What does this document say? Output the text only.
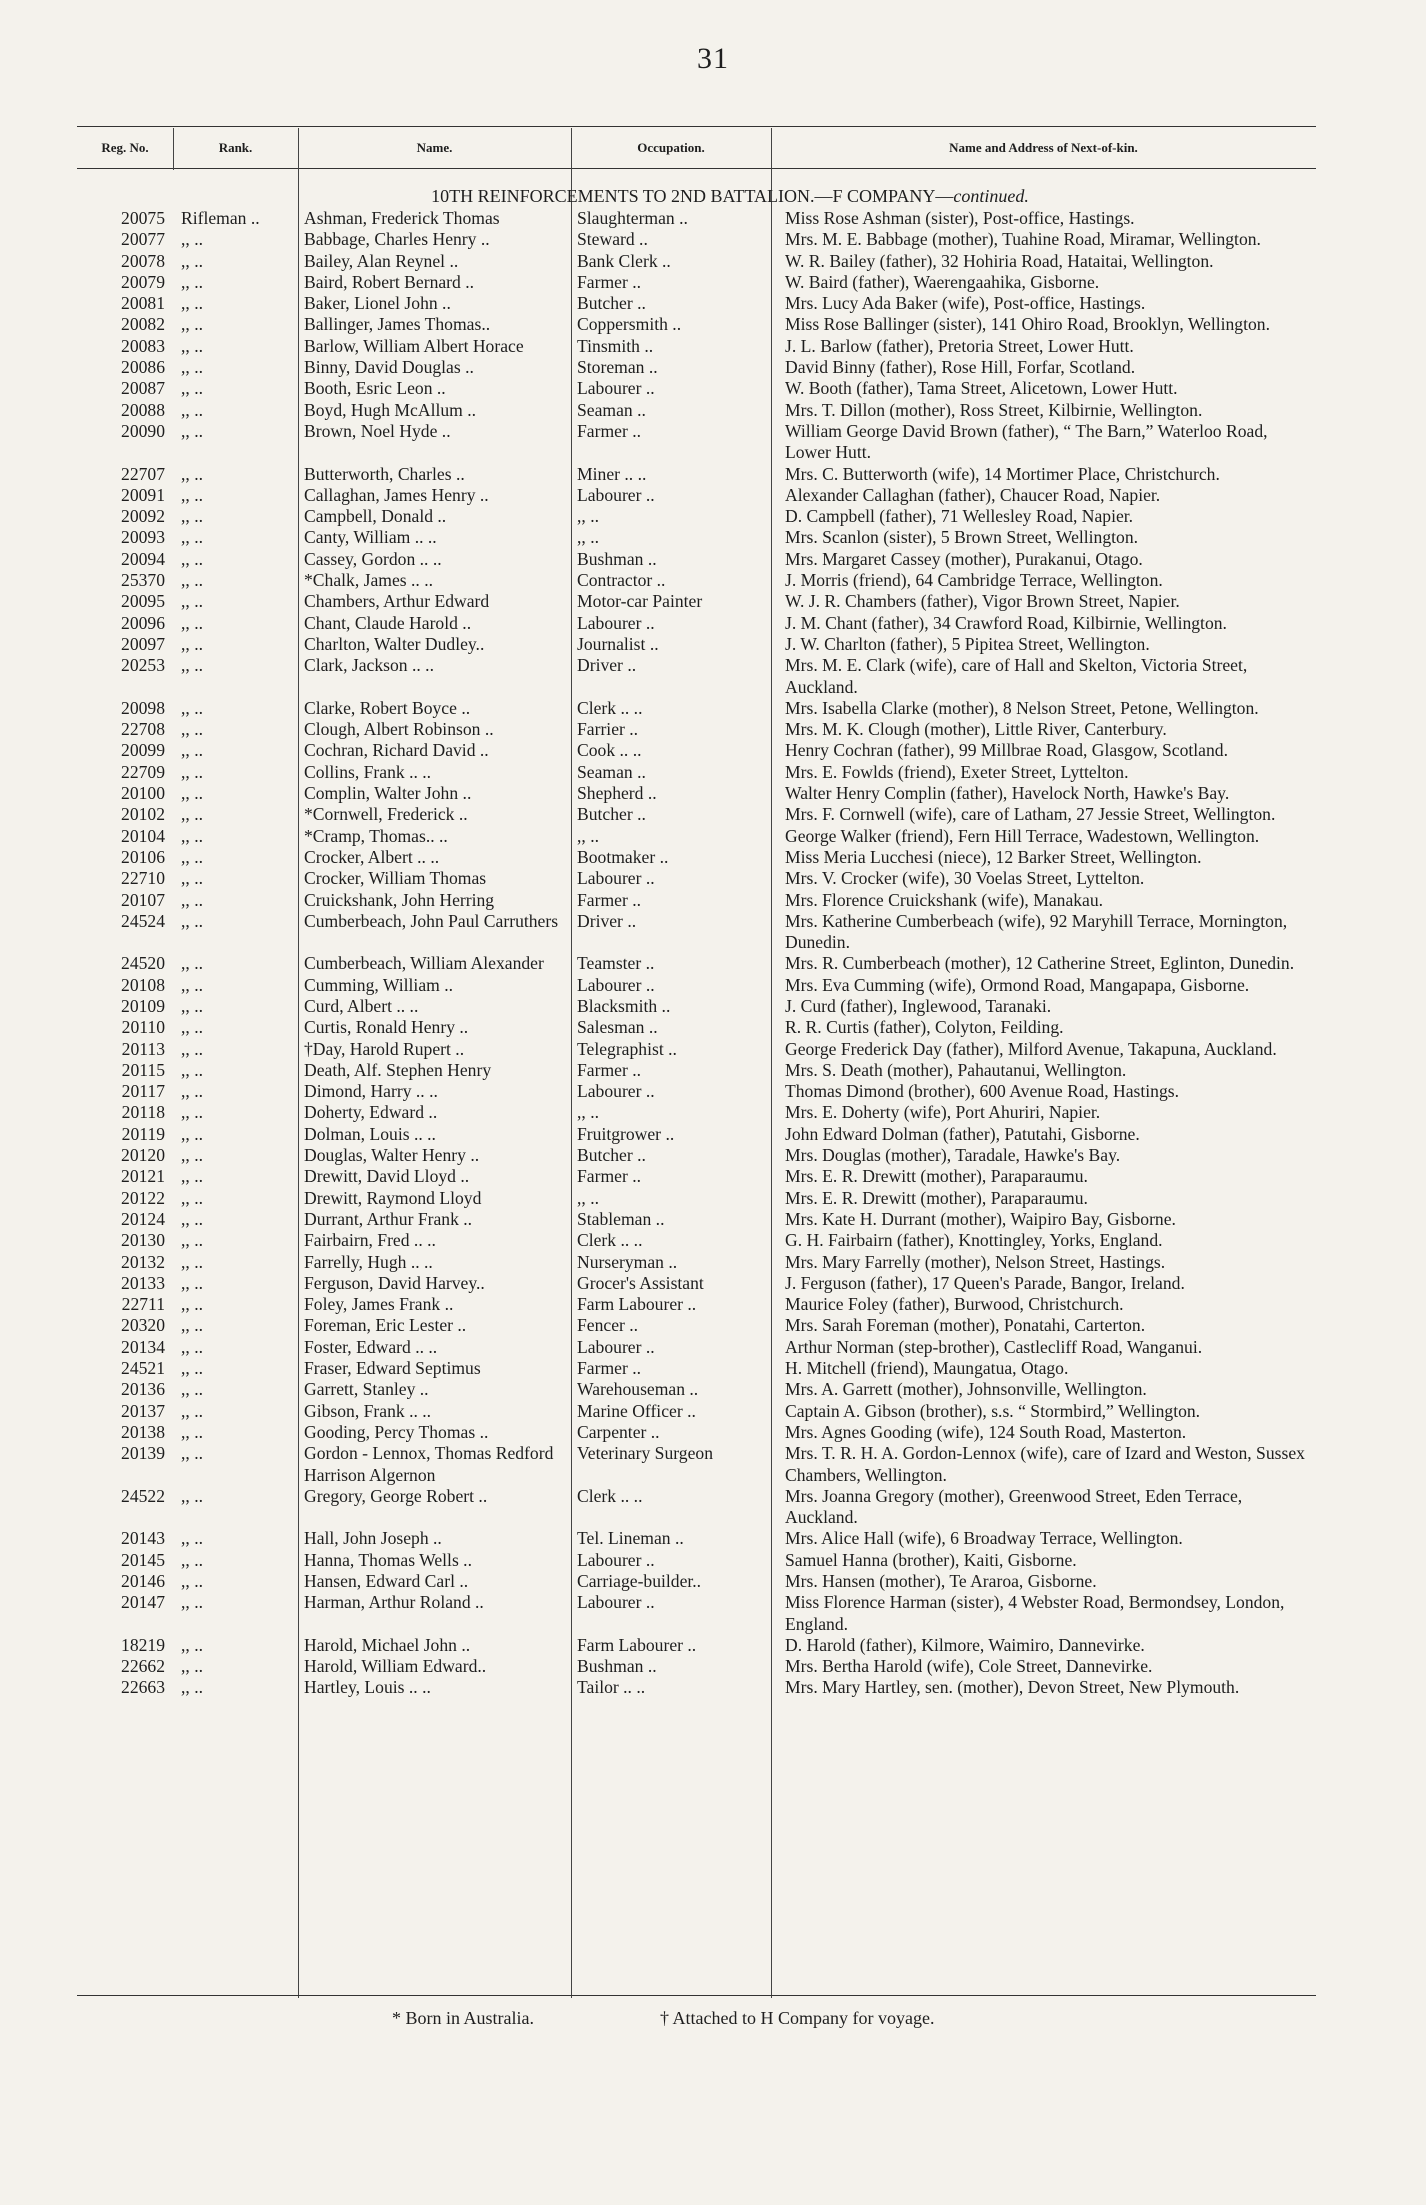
31
Reg. No.	Rank.	Name.	Occupation.	Name and Address of Next-of-kin.
10TH REINFORCEMENTS TO 2ND BATTALION.—F COMPANY—continued.
20075 Rifleman ..	Ashman, Frederick Thomas	Slaughterman ..	Miss Rose Ashman (sister), Post-office, Hastings.
20077 ,, ..	Babbage, Charles Henry ..	Steward ..	Mrs. M. E. Babbage (mother), Tuahine Road, Miramar, Wellington.
20078 ,, ..	Bailey, Alan Reynel ..	Bank Clerk ..	W. R. Bailey (father), 32 Hohiria Road, Hataitai, Wellington.
20079 ,, ..	Baird, Robert Bernard ..	Farmer ..	W. Baird (father), Waerengaahika, Gisborne.
20081 ,, ..	Baker, Lionel John ..	Butcher ..	Mrs. Lucy Ada Baker (wife), Post-office, Hastings.
20082 ,, ..	Ballinger, James Thomas..	Coppersmith ..	Miss Rose Ballinger (sister), 141 Ohiro Road, Brooklyn, Wellington.
20083 ,, ..	Barlow, William Albert Horace	Tinsmith ..	J. L. Barlow (father), Pretoria Street, Lower Hutt.
20086 ,, ..	Binny, David Douglas ..	Storeman ..	David Binny (father), Rose Hill, Forfar, Scotland.
20087 ,, ..	Booth, Esric Leon ..	Labourer ..	W. Booth (father), Tama Street, Alicetown, Lower Hutt.
20088 ,, ..	Boyd, Hugh McAllum ..	Seaman ..	Mrs. T. Dillon (mother), Ross Street, Kilbirnie, Wellington.
20090 ,, ..	Brown, Noel Hyde ..	Farmer ..	William George David Brown (father), “ The Barn,” Waterloo Road, Lower Hutt.
22707 ,, ..	Butterworth, Charles ..	Miner .. ..	Mrs. C. Butterworth (wife), 14 Mortimer Place, Christchurch.
20091 ,, ..	Callaghan, James Henry ..	Labourer ..	Alexander Callaghan (father), Chaucer Road, Napier.
20092 ,, ..	Campbell, Donald ..	,, ..	D. Campbell (father), 71 Wellesley Road, Napier.
20093 ,, ..	Canty, William .. ..	,, ..	Mrs. Scanlon (sister), 5 Brown Street, Wellington.
20094 ,, ..	Cassey, Gordon .. ..	Bushman ..	Mrs. Margaret Cassey (mother), Purakanui, Otago.
25370 ,, ..	*Chalk, James .. ..	Contractor ..	J. Morris (friend), 64 Cambridge Terrace, Wellington.
20095 ,, ..	Chambers, Arthur Edward	Motor-car Painter	W. J. R. Chambers (father), Vigor Brown Street, Napier.
20096 ,, ..	Chant, Claude Harold ..	Labourer ..	J. M. Chant (father), 34 Crawford Road, Kilbirnie, Wellington.
20097 ,, ..	Charlton, Walter Dudley..	Journalist ..	J. W. Charlton (father), 5 Pipitea Street, Wellington.
20253 ,, ..	Clark, Jackson .. ..	Driver ..	Mrs. M. E. Clark (wife), care of Hall and Skelton, Victoria Street, Auckland.
20098 ,, ..	Clarke, Robert Boyce ..	Clerk .. ..	Mrs. Isabella Clarke (mother), 8 Nelson Street, Petone, Wellington.
22708 ,, ..	Clough, Albert Robinson ..	Farrier ..	Mrs. M. K. Clough (mother), Little River, Canterbury.
20099 ,, ..	Cochran, Richard David ..	Cook .. ..	Henry Cochran (father), 99 Millbrae Road, Glasgow, Scotland.
22709 ,, ..	Collins, Frank .. ..	Seaman ..	Mrs. E. Fowlds (friend), Exeter Street, Lyttelton.
20100 ,, ..	Complin, Walter John ..	Shepherd ..	Walter Henry Complin (father), Havelock North, Hawke's Bay.
20102 ,, ..	*Cornwell, Frederick ..	Butcher ..	Mrs. F. Cornwell (wife), care of Latham, 27 Jessie Street, Wellington.
20104 ,, ..	*Cramp, Thomas.. ..	,, ..	George Walker (friend), Fern Hill Terrace, Wadestown, Wellington.
20106 ,, ..	Crocker, Albert .. ..	Bootmaker ..	Miss Meria Lucchesi (niece), 12 Barker Street, Wellington.
22710 ,, ..	Crocker, William Thomas	Labourer ..	Mrs. V. Crocker (wife), 30 Voelas Street, Lyttelton.
20107 ,, ..	Cruickshank, John Herring	Farmer ..	Mrs. Florence Cruickshank (wife), Manakau.
24524 ,, ..	Cumberbeach, John Paul Carruthers	Driver ..	Mrs. Katherine Cumberbeach (wife), 92 Maryhill Terrace, Mornington, Dunedin.
24520 ,, ..	Cumberbeach, William Alexander	Teamster ..	Mrs. R. Cumberbeach (mother), 12 Catherine Street, Eglinton, Dunedin.
20108 ,, ..	Cumming, William ..	Labourer ..	Mrs. Eva Cumming (wife), Ormond Road, Mangapapa, Gisborne.
20109 ,, ..	Curd, Albert .. ..	Blacksmith ..	J. Curd (father), Inglewood, Taranaki.
20110 ,, ..	Curtis, Ronald Henry ..	Salesman ..	R. R. Curtis (father), Colyton, Feilding.
20113 ,, ..	†Day, Harold Rupert ..	Telegraphist ..	George Frederick Day (father), Milford Avenue, Takapuna, Auckland.
20115 ,, ..	Death, Alf. Stephen Henry	Farmer ..	Mrs. S. Death (mother), Pahautanui, Wellington.
20117 ,, ..	Dimond, Harry .. ..	Labourer ..	Thomas Dimond (brother), 600 Avenue Road, Hastings.
20118 ,, ..	Doherty, Edward ..	,, ..	Mrs. E. Doherty (wife), Port Ahuriri, Napier.
20119 ,, ..	Dolman, Louis .. ..	Fruitgrower ..	John Edward Dolman (father), Patutahi, Gisborne.
20120 ,, ..	Douglas, Walter Henry ..	Butcher ..	Mrs. Douglas (mother), Taradale, Hawke's Bay.
20121 ,, ..	Drewitt, David Lloyd ..	Farmer ..	Mrs. E. R. Drewitt (mother), Paraparaumu.
20122 ,, ..	Drewitt, Raymond Lloyd	,, ..	Mrs. E. R. Drewitt (mother), Paraparaumu.
20124 ,, ..	Durrant, Arthur Frank ..	Stableman ..	Mrs. Kate H. Durrant (mother), Waipiro Bay, Gisborne.
20130 ,, ..	Fairbairn, Fred .. ..	Clerk .. ..	G. H. Fairbairn (father), Knottingley, Yorks, England.
20132 ,, ..	Farrelly, Hugh .. ..	Nurseryman ..	Mrs. Mary Farrelly (mother), Nelson Street, Hastings.
20133 ,, ..	Ferguson, David Harvey..	Grocer's Assistant	J. Ferguson (father), 17 Queen's Parade, Bangor, Ireland.
22711 ,, ..	Foley, James Frank ..	Farm Labourer ..	Maurice Foley (father), Burwood, Christchurch.
20320 ,, ..	Foreman, Eric Lester ..	Fencer ..	Mrs. Sarah Foreman (mother), Ponatahi, Carterton.
20134 ,, ..	Foster, Edward .. ..	Labourer ..	Arthur Norman (step-brother), Castlecliff Road, Wanganui.
24521 ,, ..	Fraser, Edward Septimus	Farmer ..	H. Mitchell (friend), Maungatua, Otago.
20136 ,, ..	Garrett, Stanley ..	Warehouseman ..	Mrs. A. Garrett (mother), Johnsonville, Wellington.
20137 ,, ..	Gibson, Frank .. ..	Marine Officer ..	Captain A. Gibson (brother), s.s. “ Stormbird,” Wellington.
20138 ,, ..	Gooding, Percy Thomas ..	Carpenter ..	Mrs. Agnes Gooding (wife), 124 South Road, Masterton.
20139 ,, ..	Gordon - Lennox, Thomas Redford Harrison Algernon
Veterinary Surgeon	Mrs. T. R. H. A. Gordon-Lennox (wife), care of Izard and Weston, Sussex Chambers, Wellington.
24522 ,, ..	Gregory, George Robert ..	Clerk .. ..	Mrs. Joanna Gregory (mother), Greenwood Street, Eden Terrace, Auckland.
20143 ,, ..	Hall, John Joseph ..	Tel. Lineman ..	Mrs. Alice Hall (wife), 6 Broadway Terrace, Wellington.
20145 ,, ..	Hanna, Thomas Wells ..	Labourer ..	Samuel Hanna (brother), Kaiti, Gisborne.
20146 ,, ..	Hansen, Edward Carl ..	Carriage-builder..	Mrs. Hansen (mother), Te Araroa, Gisborne.
20147 ,, ..	Harman, Arthur Roland ..	Labourer ..	Miss Florence Harman (sister), 4 Webster Road, Bermondsey, London, England.
18219 ,, ..	Harold, Michael John ..	Farm Labourer ..	D. Harold (father), Kilmore, Waimiro, Dannevirke.
22662 ,, ..	Harold, William Edward..	Bushman ..	Mrs. Bertha Harold (wife), Cole Street, Dannevirke.
22663 ,, ..	Hartley, Louis .. ..	Tailor .. ..	Mrs. Mary Hartley, sen. (mother), Devon Street, New Plymouth.
* Born in Australia.	† Attached to H Company for voyage.
